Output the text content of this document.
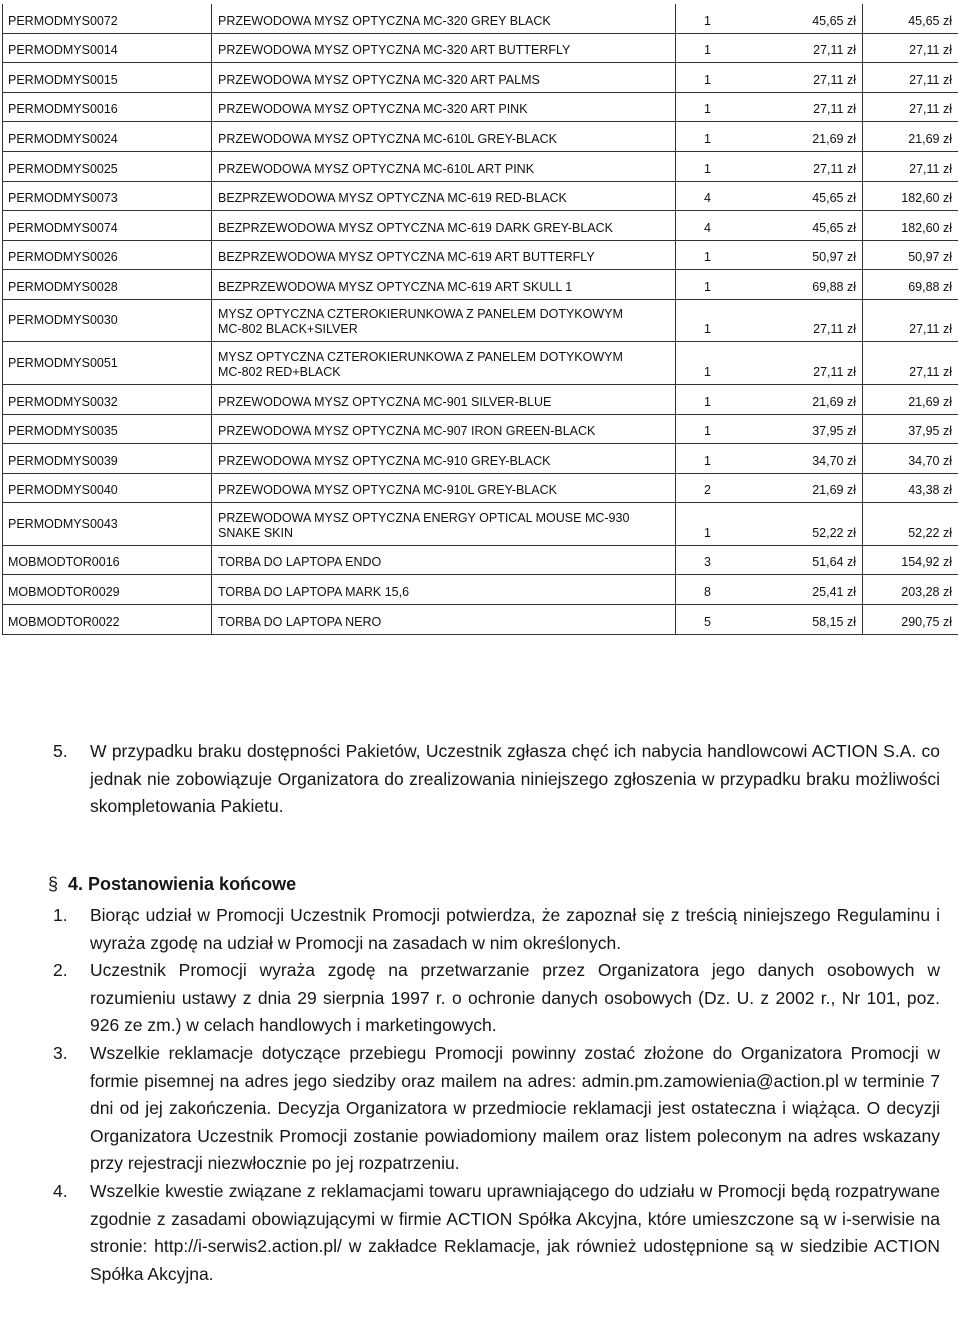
PERMODMYS0072	PRZEWODOWA MYSZ OPTYCZNA MC-320 GREY BLACK	1	45,65 zł	45,65 zł
PERMODMYS0014	PRZEWODOWA MYSZ OPTYCZNA MC-320 ART BUTTERFLY	1	27,11 zł	27,11 zł
PERMODMYS0015	PRZEWODOWA MYSZ OPTYCZNA MC-320 ART PALMS	1	27,11 zł	27,11 zł
PERMODMYS0016	PRZEWODOWA MYSZ OPTYCZNA MC-320 ART PINK	1	27,11 zł	27,11 zł
PERMODMYS0024	PRZEWODOWA MYSZ OPTYCZNA MC-610L GREY-BLACK	1	21,69 zł	21,69 zł
PERMODMYS0025	PRZEWODOWA MYSZ OPTYCZNA MC-610L ART PINK	1	27,11 zł	27,11 zł
PERMODMYS0073	BEZPRZEWODOWA MYSZ OPTYCZNA MC-619 RED-BLACK	4	45,65 zł	182,60 zł
PERMODMYS0074	BEZPRZEWODOWA MYSZ OPTYCZNA MC-619 DARK GREY-BLACK	4	45,65 zł	182,60 zł
PERMODMYS0026	BEZPRZEWODOWA MYSZ OPTYCZNA MC-619 ART BUTTERFLY	1	50,97 zł	50,97 zł
PERMODMYS0028	BEZPRZEWODOWA MYSZ OPTYCZNA MC-619 ART SKULL 1	1	69,88 zł	69,88 zł
PERMODMYS0030	MYSZ OPTYCZNA CZTEROKIERUNKOWA Z PANELEM DOTYKOWYM
MC-802 BLACK+SILVER	1	27,11 zł	27,11 zł
PERMODMYS0051	MYSZ OPTYCZNA CZTEROKIERUNKOWA Z PANELEM DOTYKOWYM
MC-802 RED+BLACK	1	27,11 zł	27,11 zł
PERMODMYS0032	PRZEWODOWA MYSZ OPTYCZNA MC-901 SILVER-BLUE	1	21,69 zł	21,69 zł
PERMODMYS0035	PRZEWODOWA MYSZ OPTYCZNA MC-907 IRON GREEN-BLACK	1	37,95 zł	37,95 zł
PERMODMYS0039	PRZEWODOWA MYSZ OPTYCZNA MC-910 GREY-BLACK	1	34,70 zł	34,70 zł
PERMODMYS0040	PRZEWODOWA MYSZ OPTYCZNA MC-910L GREY-BLACK	2	21,69 zł	43,38 zł
PERMODMYS0043	PRZEWODOWA MYSZ OPTYCZNA ENERGY OPTICAL MOUSE MC-930
SNAKE SKIN	1	52,22 zł	52,22 zł
MOBMODTOR0016	TORBA DO LAPTOPA ENDO	3	51,64 zł	154,92 zł
MOBMODTOR0029	TORBA DO LAPTOPA MARK 15,6	8	25,41 zł	203,28 zł
MOBMODTOR0022	TORBA DO LAPTOPA NERO	5	58,15 zł	290,75 zł
5. W przypadku braku dostępności Pakietów, Uczestnik zgłasza chęć ich nabycia handlowcowi ACTION S.A. co jednak nie zobowiązuje Organizatora do zrealizowania niniejszego zgłoszenia w przypadku braku możliwości skompletowania Pakietu.
§ 4. Postanowienia końcowe
1. Biorąc udział w Promocji Uczestnik Promocji potwierdza, że zapoznał się z treścią niniejszego Regulaminu i wyraża zgodę na udział w Promocji na zasadach w nim określonych.
2. Uczestnik Promocji wyraża zgodę na przetwarzanie przez Organizatora jego danych osobowych w rozumieniu ustawy z dnia 29 sierpnia 1997 r. o ochronie danych osobowych (Dz. U. z 2002 r., Nr 101, poz. 926 ze zm.) w celach handlowych i marketingowych.
3. Wszelkie reklamacje dotyczące przebiegu Promocji powinny zostać złożone do Organizatora Promocji w formie pisemnej na adres jego siedziby oraz mailem na adres: admin.pm.zamowienia@action.pl w terminie 7 dni od jej zakończenia. Decyzja Organizatora w przedmiocie reklamacji jest ostateczna i wiążąca. O decyzji Organizatora Uczestnik Promocji zostanie powiadomiony mailem oraz listem poleconym na adres wskazany przy rejestracji niezwłocznie po jej rozpatrzeniu.
4. Wszelkie kwestie związane z reklamacjami towaru uprawniającego do udziału w Promocji będą rozpatrywane zgodnie z zasadami obowiązującymi w firmie ACTION Spółka Akcyjna, które umieszczone są w i-serwisie na stronie: http://i-serwis2.action.pl/ w zakładce Reklamacje, jak również udostępnione są w siedzibie ACTION Spółka Akcyjna.
